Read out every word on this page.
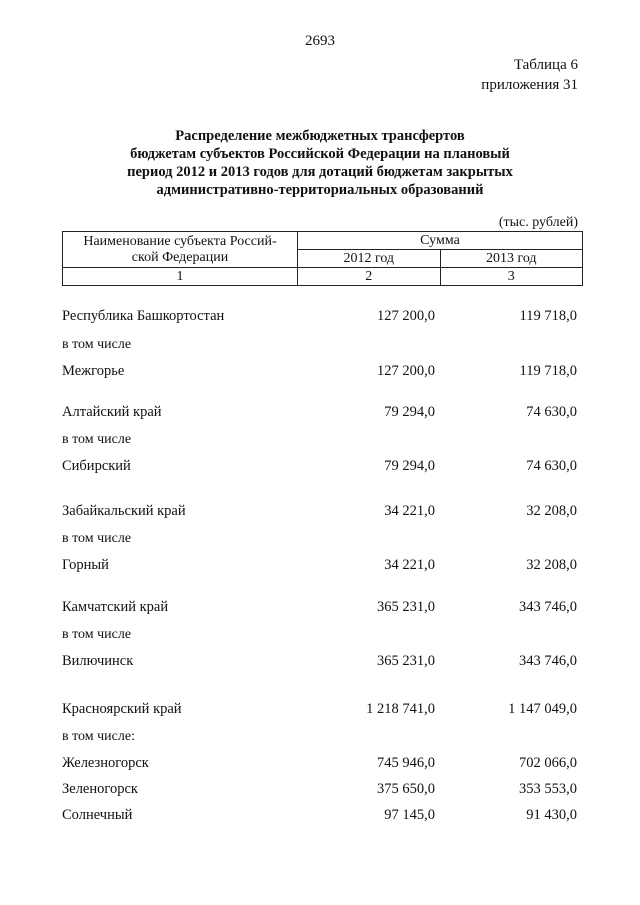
2693
Таблица 6
приложения 31
Распределение межбюджетных трансфертов
бюджетам субъектов Российской Федерации на плановый
период 2012 и 2013 годов для дотаций бюджетам закрытых
административно-территориальных образований
(тыс. рублей)
Наименование субъекта Россий-
ской Федерации	Сумма	
	2012 год	2013 год
1	2	3
Республика Башкортостан	127 200,0	119 718,0
в том числе
Межгорье	127 200,0	119 718,0
Алтайский край	79 294,0	74 630,0
в том числе
Сибирский	79 294,0	74 630,0
Забайкальский край	34 221,0	32 208,0
в том числе
Горный	34 221,0	32 208,0
Камчатский край	365 231,0	343 746,0
в том числе
Вилючинск	365 231,0	343 746,0
Красноярский край	1 218 741,0	1 147 049,0
в том числе:
Железногорск	745 946,0	702 066,0
Зеленогорск	375 650,0	353 553,0
Солнечный	97 145,0	91 430,0
